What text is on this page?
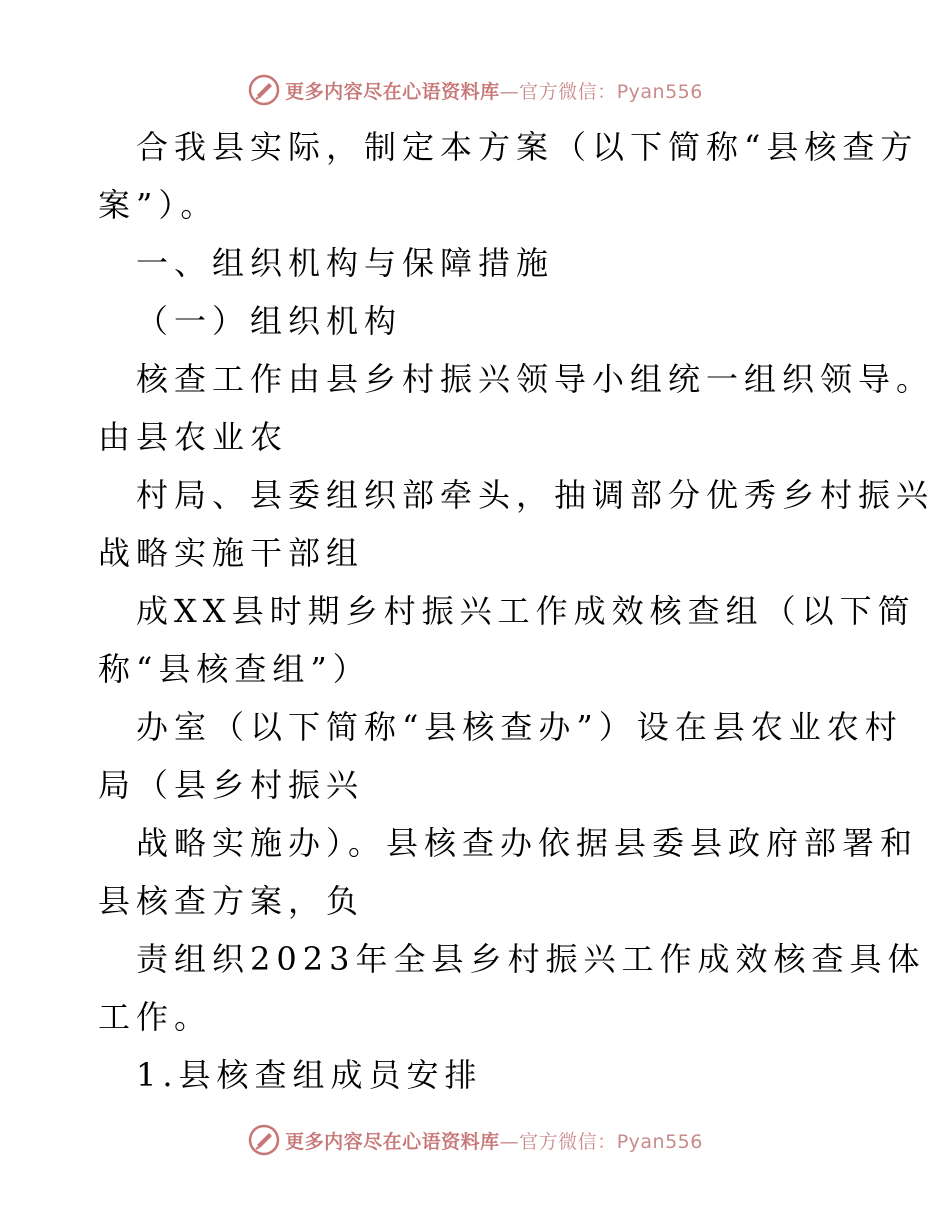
更多内容尽在心语资料库—官方微信：Pyan556
合我县实际，制定本方案（以下简称“县核查方
案”）。
一、组织机构与保障措施
（一）组织机构
核查工作由县乡村振兴领导小组统一组织领导。
由县农业农
村局、县委组织部牵头，抽调部分优秀乡村振兴
战略实施干部组
成XX县时期乡村振兴工作成效核查组（以下简
称“县核查组”）
办室（以下简称“县核查办”）设在县农业农村
局（县乡村振兴
战略实施办）。县核查办依据县委县政府部署和
县核查方案，负
责组织2023年全县乡村振兴工作成效核查具体
工作。
1.县核查组成员安排
更多内容尽在心语资料库—官方微信：Pyan556
